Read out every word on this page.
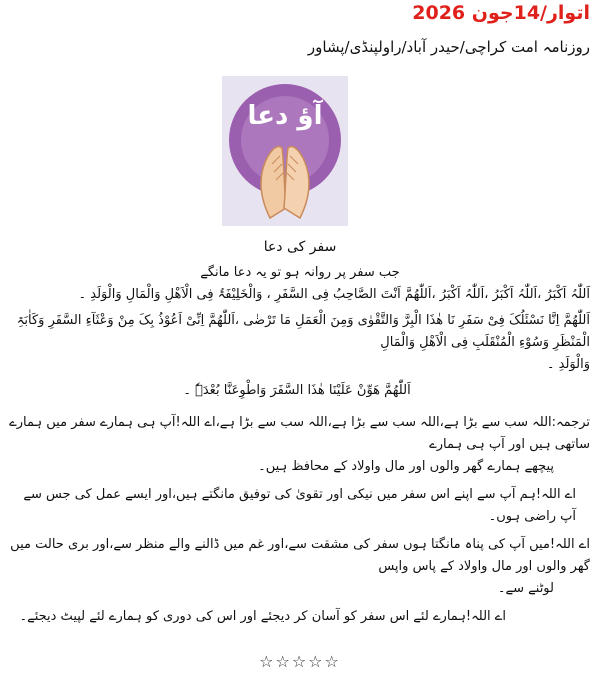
اتوار/14جون 2026
روزنامہ امت کراچی/حیدر آباد/راولپنڈی/پشاور
آؤ دعا
سفر کی دعا
جب سفر پر روانہ ہو تو یہ دعا مانگے
اَللّٰہُ اَکْبَرُ ،اَللّٰہُ اَکْبَرُ ،اَللّٰہُ اَکْبَرُ ،اَللّٰھُمَّ اَنْتَ الصَّاحِبُ فِی السَّفَرِ ، وَالْخَلِیْفَۃُ فِی الْاَھْلِ وَالْمَالِ وَالْوَلَدِ ۔
اَللّٰھُمَّ اِنَّا نَسْئَلُکَ فِیْ سَفَرِ نَا ھٰذَا الْبِرَّ وَالتَّقْوٰی وَمِنَ الْعَمَلِ مَا تَرْضٰی ،اَللّٰھُمَّ اِنِّیْ اَعُوْذُ بِکَ مِنْ وَعْثَآءِ السَّفَرِ وَکَاٰبَۃِ الْمَنْظَرِ وَسُوْءِ الْمُنْقَلَبِ فِی الْاَھْلِ وَالْمَالِ
وَالْوَلَدِ ۔
اَللّٰھُمَّ ھَوِّنْ عَلَیْنَا ھٰذَا السَّفَرَ وَاطْوِعَنَّا بُعْدَہٗ ۔
ترجمہ:اللہ سب سے بڑا ہے،اللہ سب سے بڑا ہے،اللہ سب سے بڑا ہے،اے اللہ!آپ ہی ہمارے سفر میں ہمارے ساتھی ہیں اور آپ ہی ہمارے
پیچھے ہمارے گھر والوں اور مال واولاد کے محافظ ہیں۔
اے اللہ!ہم آپ سے اپنے اس سفر میں نیکی اور تقویٰ کی توفیق مانگتے ہیں،اور ایسے عمل کی جس سے آپ راضی ہوں۔
اے اللہ!میں آپ کی پناہ مانگتا ہوں سفر کی مشقت سے،اور غم میں ڈالنے والے منظر سے،اور بری حالت میں گھر والوں اور مال واولاد کے پاس واپس
لوٹنے سے۔
اے اللہ!ہمارے لئے اس سفر کو آسان کر دیجئے اور اس کی دوری کو ہمارے لئے لپیٹ دیجئے۔
☆☆☆☆☆
